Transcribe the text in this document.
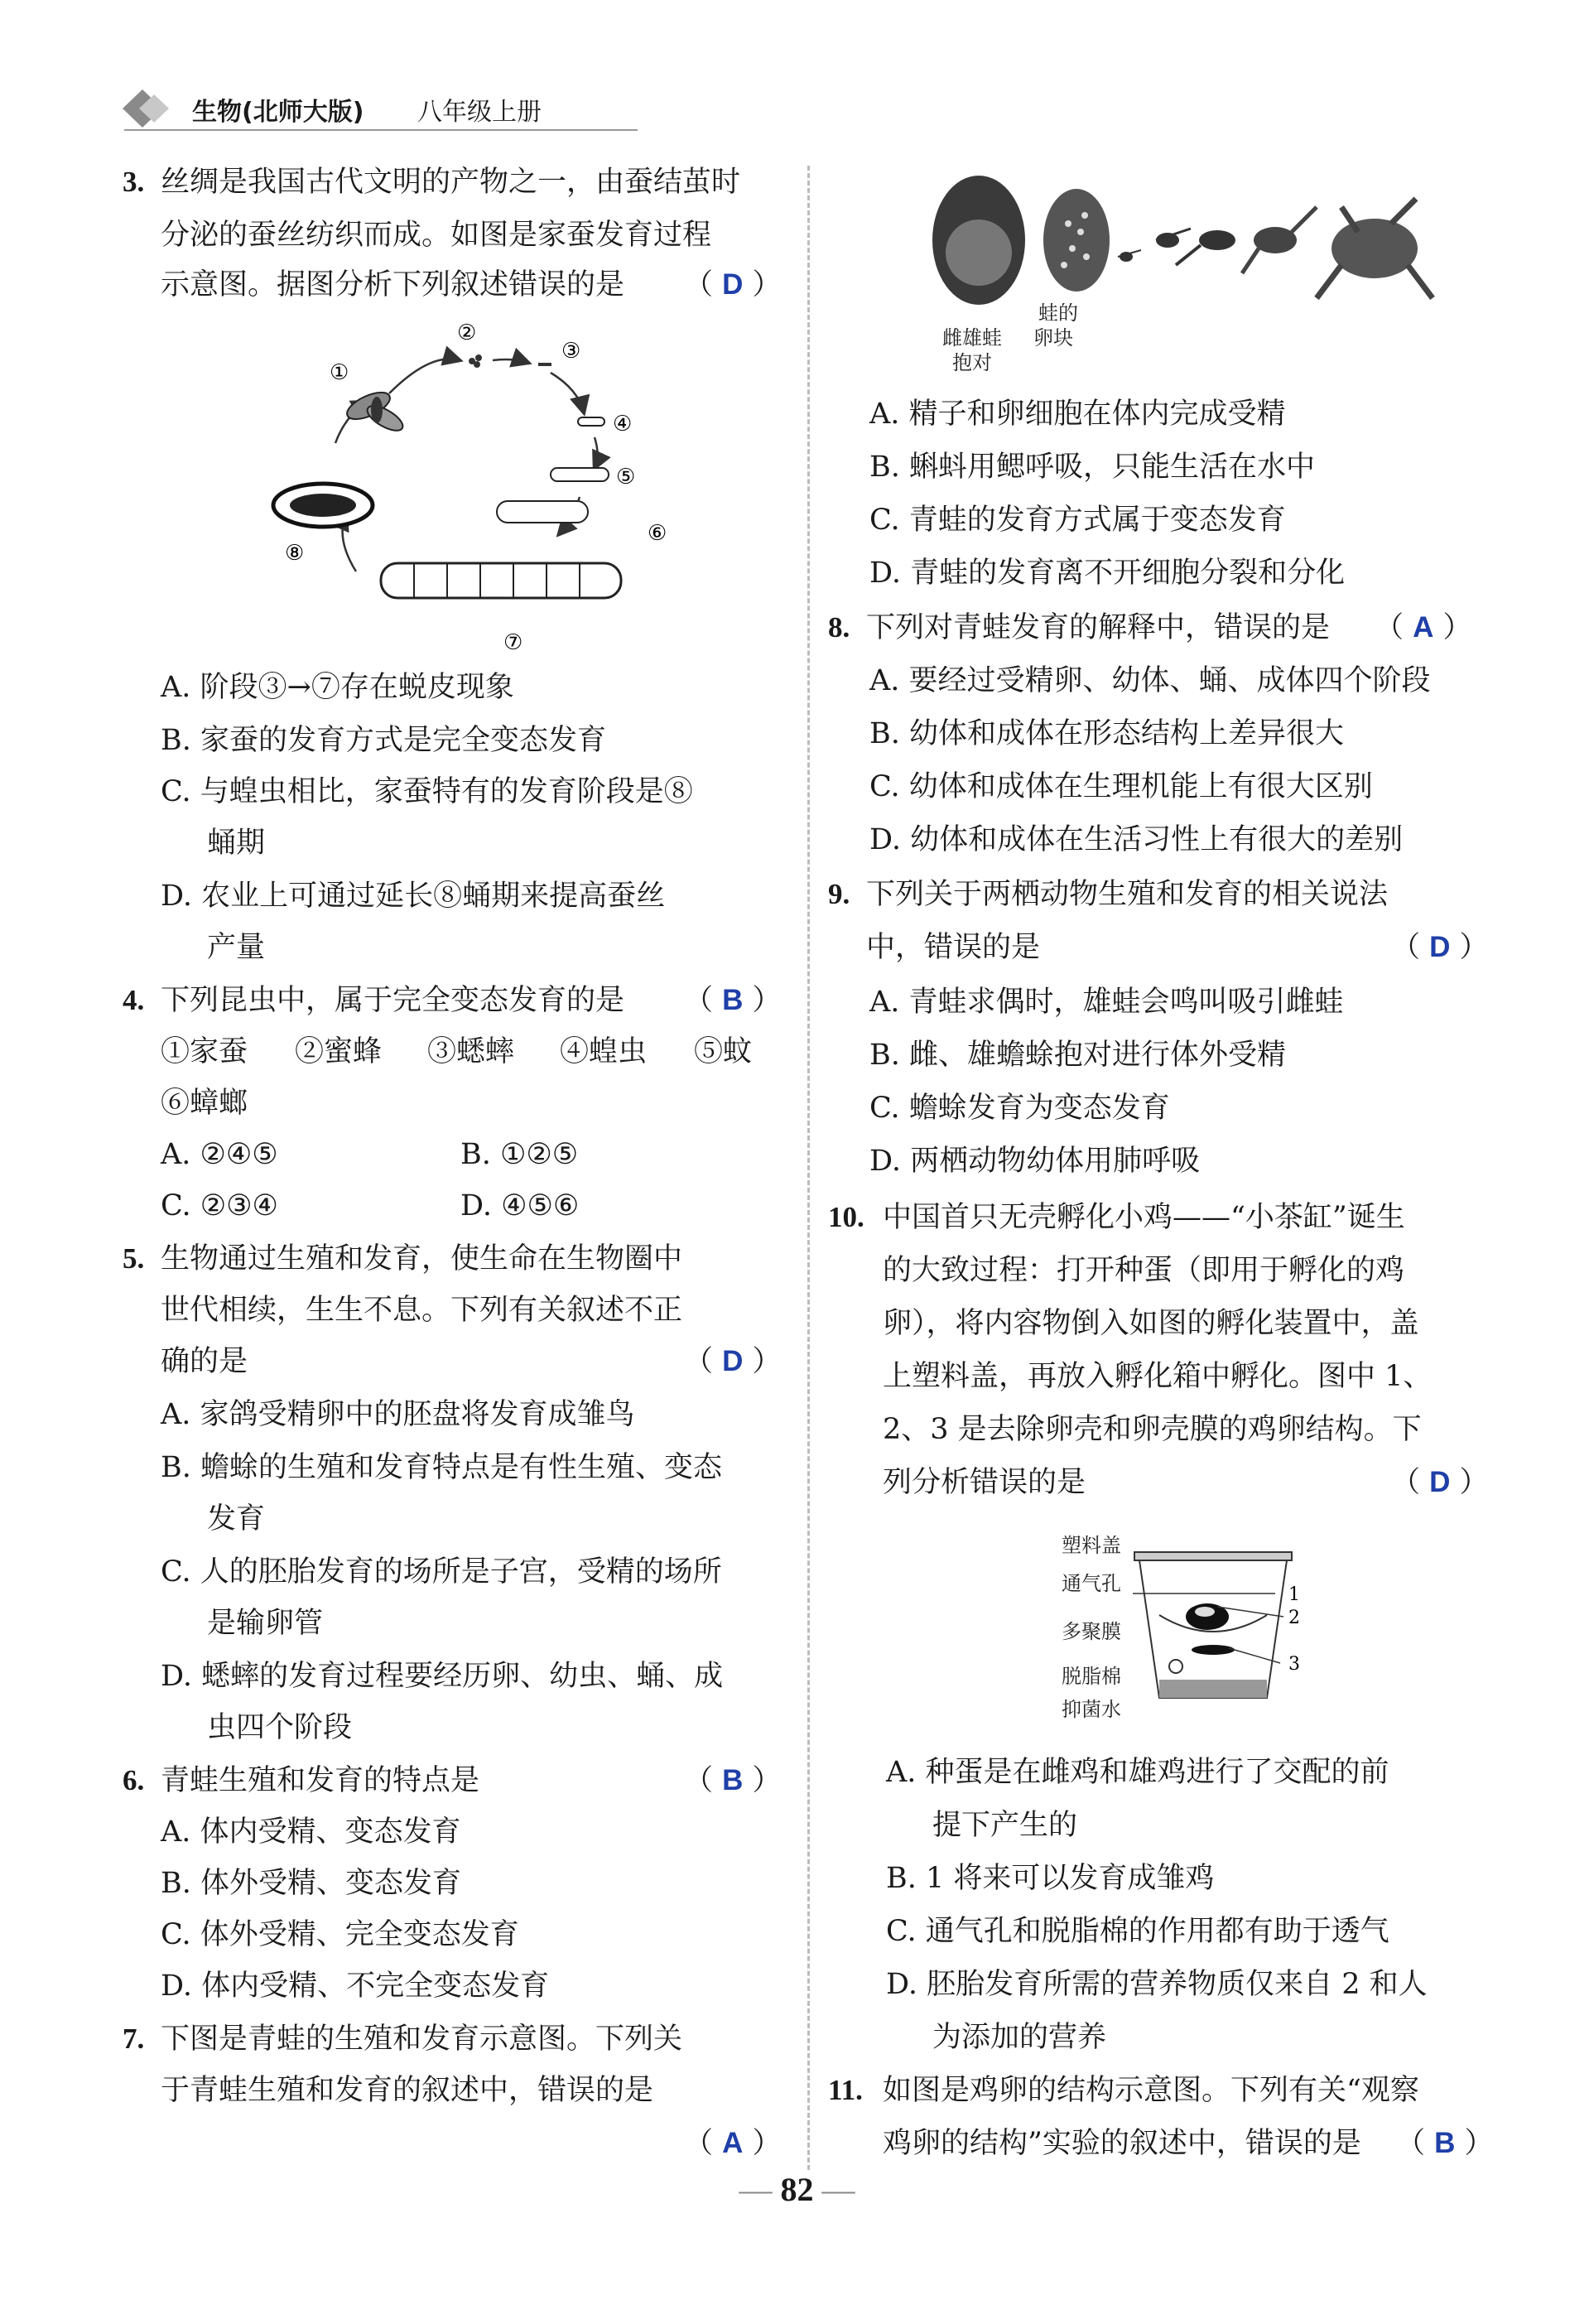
生物(北师大版) 八年级上册
3. 丝绸是我国古代文明的产物之一，由蚕结茧时
分泌的蚕丝纺织而成。如图是家蚕发育过程
示意图。据图分析下列叙述错误的是 （ D ）
①
②
③
④
⑤
⑥
⑦
⑧
A. 阶段③→⑦存在蜕皮现象
B. 家蚕的发育方式是完全变态发育
C. 与蝗虫相比，家蚕特有的发育阶段是⑧
蛹期
D. 农业上可通过延长⑧蛹期来提高蚕丝
产量
4. 下列昆虫中，属于完全变态发育的是 （ B ）
①家蚕 ②蜜蜂 ③蟋蟀 ④蝗虫 ⑤蚊
⑥蟑螂
A. ②④⑤	B. ①②⑤
C. ②③④	D. ④⑤⑥
5. 生物通过生殖和发育，使生命在生物圈中
世代相续，生生不息。下列有关叙述不正
确的是	（ D ）
A. 家鸽受精卵中的胚盘将发育成雏鸟
B. 蟾蜍的生殖和发育特点是有性生殖、变态
发育
C. 人的胚胎发育的场所是子宫，受精的场所
是输卵管
D. 蟋蟀的发育过程要经历卵、幼虫、蛹、成
虫四个阶段
6. 青蛙生殖和发育的特点是	（ B ）
A. 体内受精、变态发育
B. 体外受精、变态发育
C. 体外受精、完全变态发育
D. 体内受精、不完全变态发育
7. 下图是青蛙的生殖和发育示意图。下列关
于青蛙生殖和发育的叙述中，错误的是
（ A ）
雌雄蛙
抱对
蛙的
卵块
A. 精子和卵细胞在体内完成受精
B. 蝌蚪用鳃呼吸，只能生活在水中
C. 青蛙的发育方式属于变态发育
D. 青蛙的发育离不开细胞分裂和分化
8. 下列对青蛙发育的解释中，错误的是 （ A ）
A. 要经过受精卵、幼体、蛹、成体四个阶段
B. 幼体和成体在形态结构上差异很大
C. 幼体和成体在生理机能上有很大区别
D. 幼体和成体在生活习性上有很大的差别
9. 下列关于两栖动物生殖和发育的相关说法
中，错误的是	（ D ）
A. 青蛙求偶时，雄蛙会鸣叫吸引雌蛙
B. 雌、雄蟾蜍抱对进行体外受精
C. 蟾蜍发育为变态发育
D. 两栖动物幼体用肺呼吸
10. 中国首只无壳孵化小鸡——“小茶缸”诞生
的大致过程：打开种蛋（即用于孵化的鸡
卵），将内容物倒入如图的孵化装置中，盖
上塑料盖，再放入孵化箱中孵化。图中 1、
2、3 是去除卵壳和卵壳膜的鸡卵结构。下
列分析错误的是	（ D ）
1
2
3
塑料盖
通气孔
多聚膜
脱脂棉
抑菌水
A. 种蛋是在雌鸡和雄鸡进行了交配的前
提下产生的
B. 1 将来可以发育成雏鸡
C. 通气孔和脱脂棉的作用都有助于透气
D. 胚胎发育所需的营养物质仅来自 2 和人
为添加的营养
11. 如图是鸡卵的结构示意图。下列有关“观察
鸡卵的结构”实验的叙述中，错误的是 （ B ）
— 82 —
